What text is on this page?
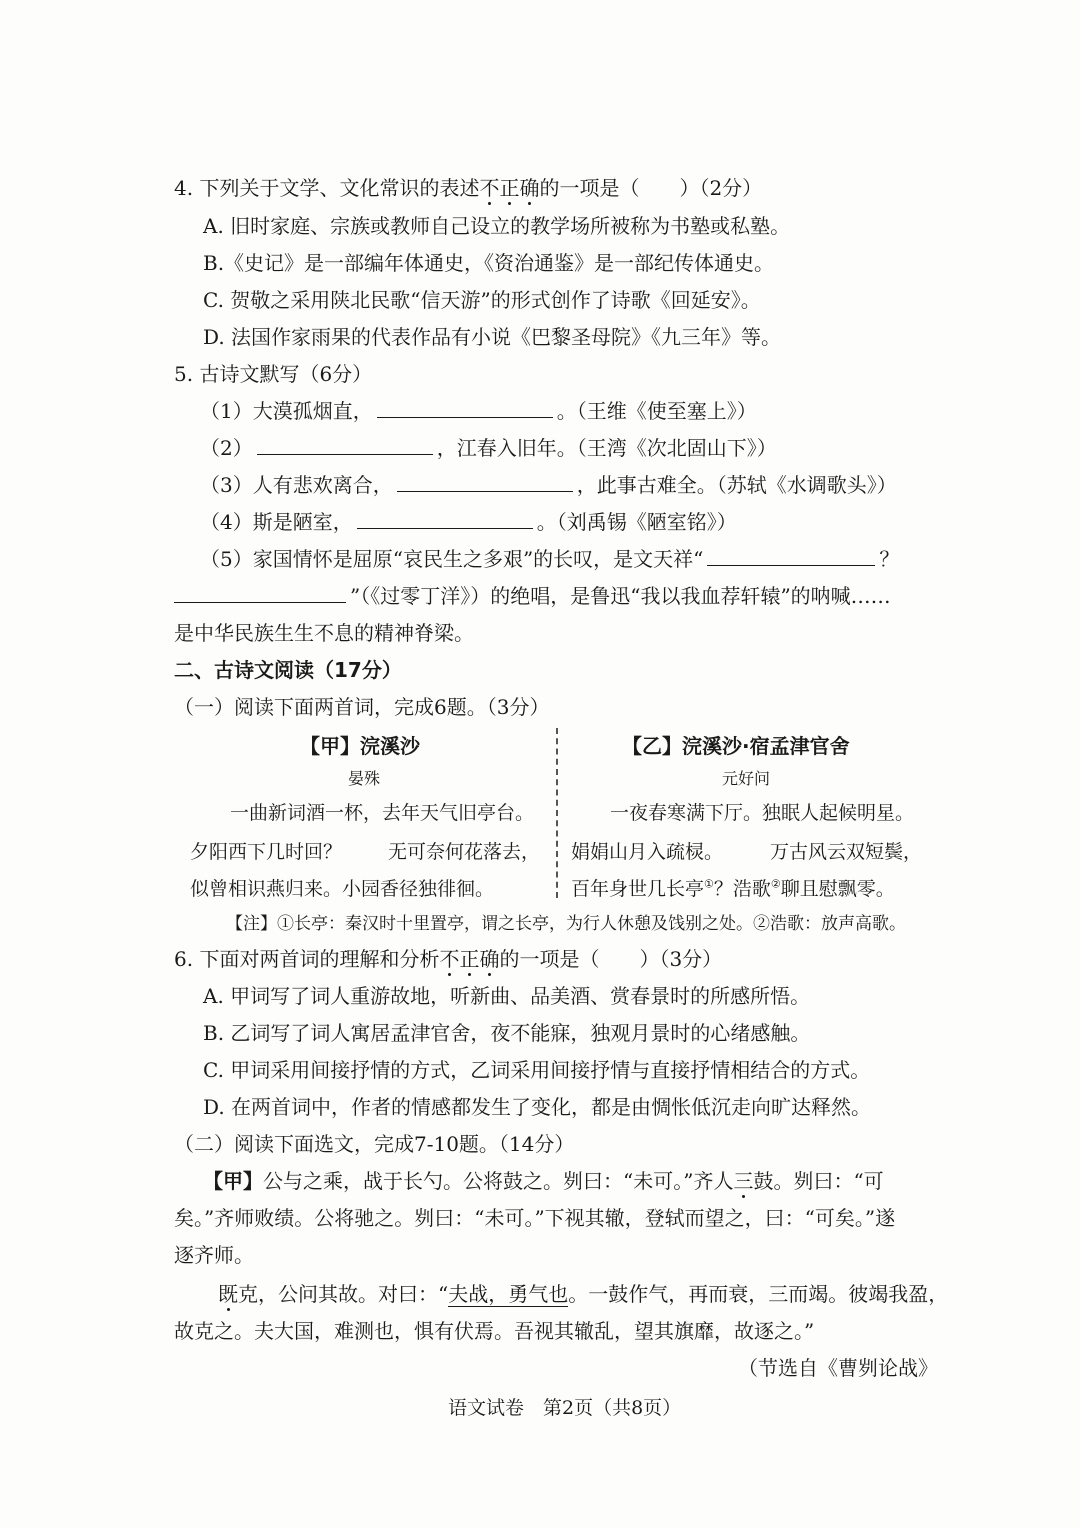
4. 下列关于文学、文化常识的表述不正确的一项是（　　）（2分）
A. 旧时家庭、宗族或教师自己设立的教学场所被称为书塾或私塾。
B.《史记》是一部编年体通史，《资治通鉴》是一部纪传体通史。
C. 贺敬之采用陕北民歌“信天游”的形式创作了诗歌《回延安》。
D. 法国作家雨果的代表作品有小说《巴黎圣母院》《九三年》等。
5. 古诗文默写（6分）
（1）大漠孤烟直，	。（王维《使至塞上》）
（2）	，江春入旧年。（王湾《次北固山下》）
（3）人有悲欢离合，	，此事古难全。（苏轼《水调歌头》）
（4）斯是陋室，	。（刘禹锡《陋室铭》）
（5）家国情怀是屈原“哀民生之多艰”的长叹，是文天祥“	？
”（《过零丁洋》）的绝唱，是鲁迅“我以我血荐轩辕”的呐喊……
是中华民族生生不息的精神脊梁。
二、古诗文阅读（17分）
（一）阅读下面两首词，完成6题。（3分）
【甲】浣溪沙
晏殊
一曲新词酒一杯，去年天气旧亭台。
夕阳西下几时回？ 无可奈何花落去，
似曾相识燕归来。小园香径独徘徊。
【乙】浣溪沙·宿孟津官舍
元好问
一夜春寒满下厅。独眠人起候明星。
娟娟山月入疏棂。 万古风云双短鬓，
百年身世几长亭①？浩歌②聊且慰飘零。
【注】①长亭：秦汉时十里置亭，谓之长亭，为行人休憩及饯别之处。②浩歌：放声高歌。
6. 下面对两首词的理解和分析不正确的一项是（　　）（3分）
A. 甲词写了词人重游故地，听新曲、品美酒、赏春景时的所感所悟。
B. 乙词写了词人寓居孟津官舍，夜不能寐，独观月景时的心绪感触。
C. 甲词采用间接抒情的方式，乙词采用间接抒情与直接抒情相结合的方式。
D. 在两首词中，作者的情感都发生了变化，都是由惆怅低沉走向旷达释然。
（二）阅读下面选文，完成7-10题。（14分）
【甲】公与之乘，战于长勺。公将鼓之。刿曰：“未可。”齐人三鼓。刿曰：“可
矣。”齐师败绩。公将驰之。刿曰：“未可。”下视其辙，登轼而望之，曰：“可矣。”遂
逐齐师。
既克，公问其故。对曰：“夫战，勇气也。一鼓作气，再而衰，三而竭。彼竭我盈，
故克之。夫大国，难测也，惧有伏焉。吾视其辙乱，望其旗靡，故逐之。”
（节选自《曹刿论战》
语文试卷　第2页（共8页）
